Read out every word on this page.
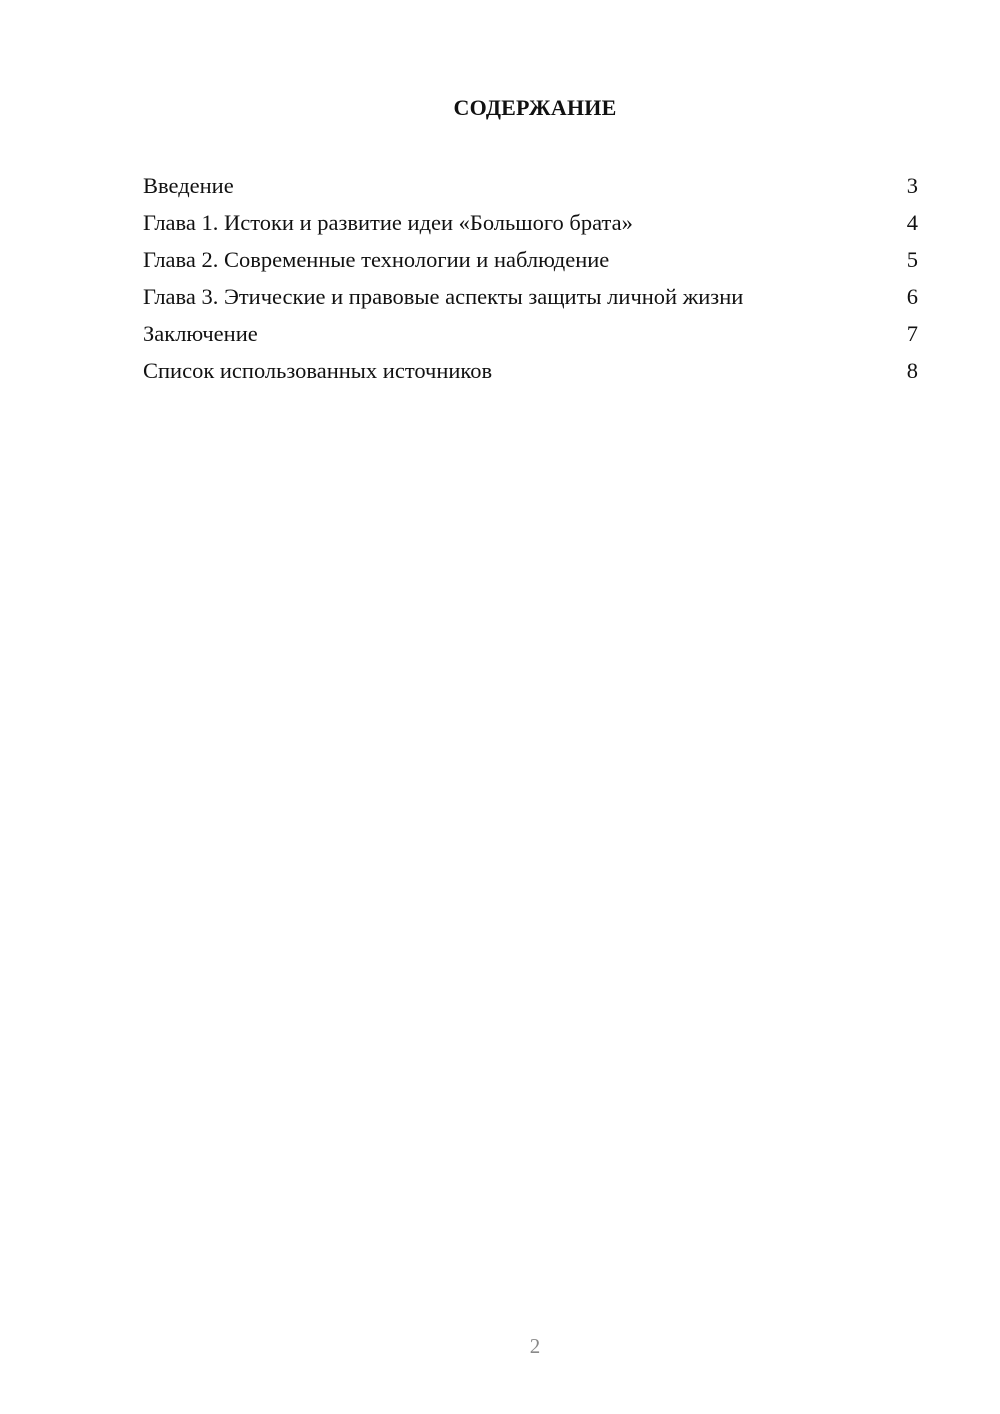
СОДЕРЖАНИЕ
Введение	3
Глава 1. Истоки и развитие идеи «Большого брата»	4
Глава 2. Современные технологии и наблюдение	5
Глава 3. Этические и правовые аспекты защиты личной жизни	6
Заключение	7
Список использованных источников	8
2
